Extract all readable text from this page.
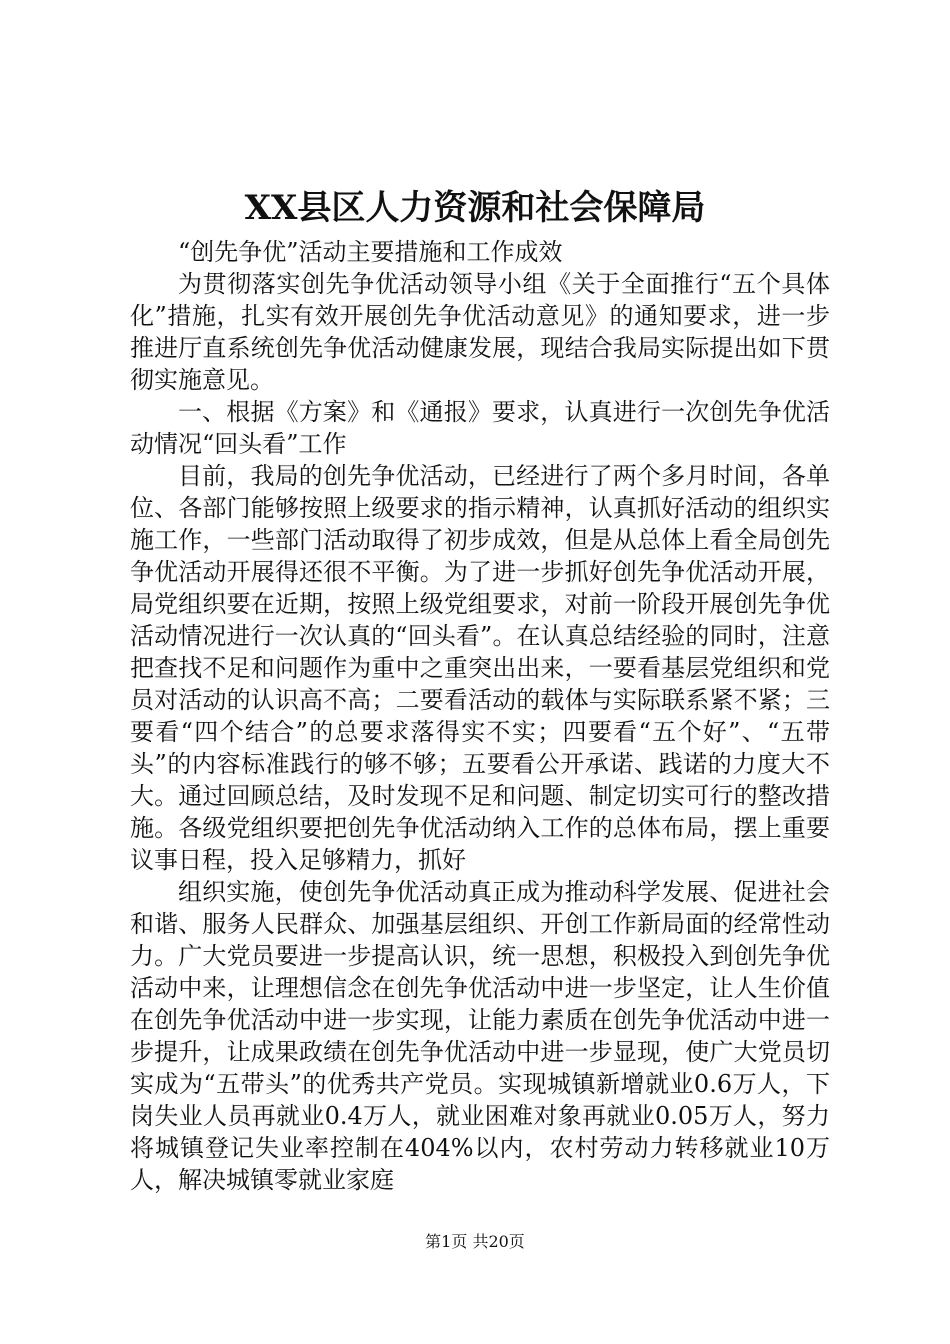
XX县区人力资源和社会保障局

“创先争优”活动主要措施和工作成效

为贯彻落实创先争优活动领导小组《关于全面推行“五个具体化”措施，扎实有效开展创先争优活动意见》的通知要求，进一步推进厅直系统创先争优活动健康发展，现结合我局实际提出如下贯彻实施意见。

一、根据《方案》和《通报》要求，认真进行一次创先争优活动情况“回头看”工作

目前，我局的创先争优活动，已经进行了两个多月时间，各单位、各部门能够按照上级要求的指示精神，认真抓好活动的组织实施工作，一些部门活动取得了初步成效，但是从总体上看全局创先争优活动开展得还很不平衡。为了进一步抓好创先争优活动开展，局党组织要在近期，按照上级党组要求，对前一阶段开展创先争优活动情况进行一次认真的“回头看”。在认真总结经验的同时，注意把查找不足和问题作为重中之重突出出来，一要看基层党组织和党员对活动的认识高不高；二要看活动的载体与实际联系紧不紧；三要看“四个结合”的总要求落得实不实；四要看“五个好”、“五带头”的内容标准践行的够不够；五要看公开承诺、践诺的力度大不大。通过回顾总结，及时发现不足和问题、制定切实可行的整改措施。各级党组织要把创先争优活动纳入工作的总体布局，摆上重要议事日程，投入足够精力，抓好

组织实施，使创先争优活动真正成为推动科学发展、促进社会和谐、服务人民群众、加强基层组织、开创工作新局面的经常性动力。广大党员要进一步提高认识，统一思想，积极投入到创先争优活动中来，让理想信念在创先争优活动中进一步坚定，让人生价值在创先争优活动中进一步实现，让能力素质在创先争优活动中进一步提升，让成果政绩在创先争优活动中进一步显现，使广大党员切实成为“五带头”的优秀共产党员。实现城镇新增就业0.6万人，下岗失业人员再就业0.4万人，就业困难对象再就业0.05万人，努力将城镇登记失业率控制在404%以内，农村劳动力转移就业10万人，解决城镇零就业家庭

第1页 共20页
